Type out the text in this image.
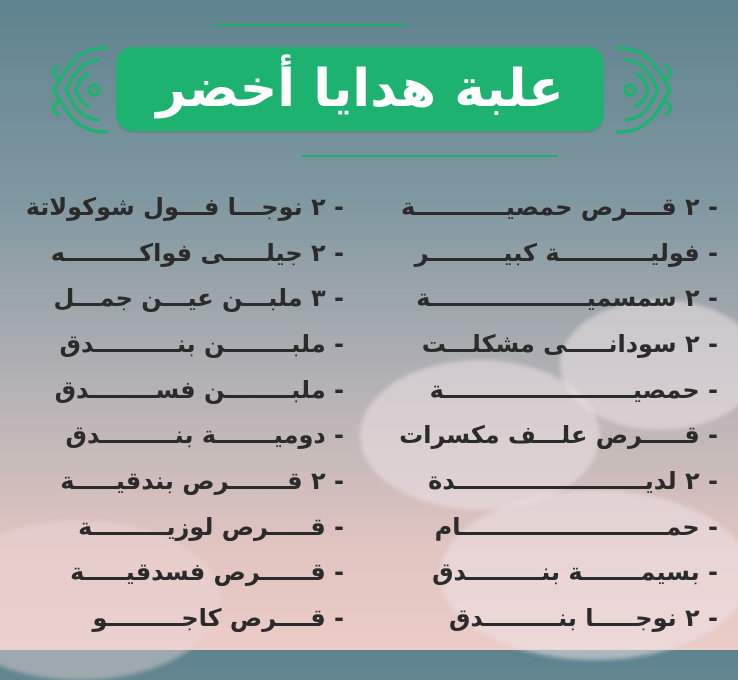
علبة هدايا أخضر
- ٢ قــــرص حمصيـــــــــــة
- فوليـــــــــــة كبيـــــــــر
- ٢ سمسميـــــــــــــــــــة
- ٢ سودانـــــى مشكلـــت
- حمصيـــــــــــــــــــــــة
- قـــــرص علـــف مكسرات
- ٢ لديـــــــــــــــــــــــدة
- حمـــــــــــــــــــــــــام
- بسيمـــــــة بنـــــــــدق
- ٢ نوجـــــا بنـــــــــدق
- ٢ نوجـــا فـــول شوكولاتة
- ٢ جيلـــــى فواكـــــــــه
- ٣ ملبـــن عيـــن جمـــل
- ملبــــــــن بنــــــــــدق
- ملبــــــــن فســــــــدق
- دوميـــــــة بنـــــــــدق
- ٢ قـــــــرص بندقيـــــة
- قـــــرص لوزيـــــــــة
- قــــــرص فسدقيـــــة
- قــــرص كاجـــــــــو
